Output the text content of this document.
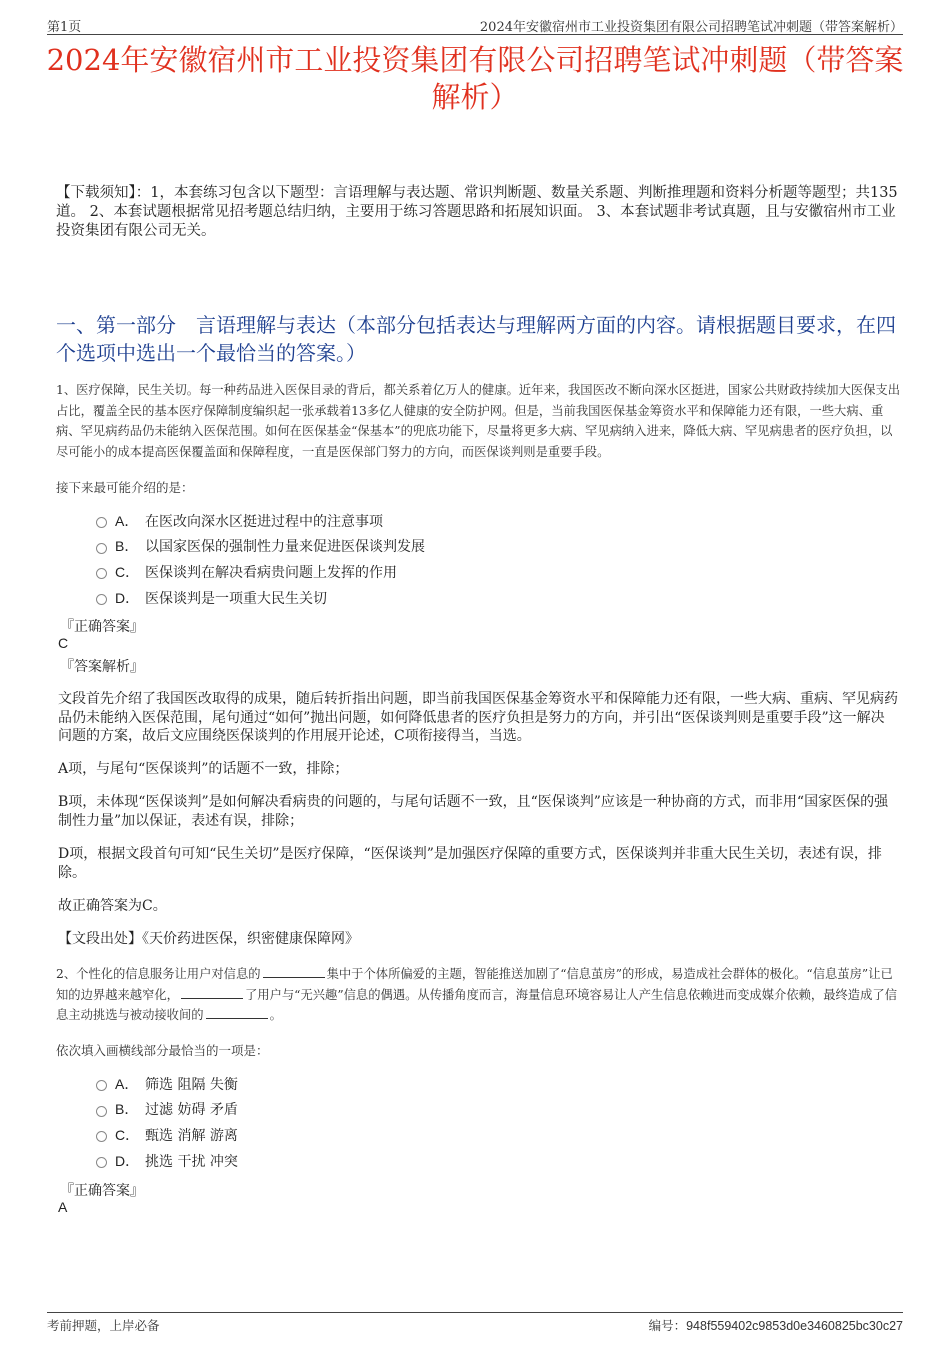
第1页	2024年安徽宿州市工业投资集团有限公司招聘笔试冲刺题（带答案解析）
2024年安徽宿州市工业投资集团有限公司招聘笔试冲刺题（带答案解析）
【下载须知】：1，本套练习包含以下题型：言语理解与表达题、常识判断题、数量关系题、判断推理题和资料分析题等题型；共135道。 2、本套试题根据常见招考题总结归纳，主要用于练习答题思路和拓展知识面。 3、本套试题非考试真题，且与安徽宿州市工业投资集团有限公司无关。
一、第一部分　言语理解与表达（本部分包括表达与理解两方面的内容。请根据题目要求，在四个选项中选出一个最恰当的答案。）
1、医疗保障，民生关切。每一种药品进入医保目录的背后，都关系着亿万人的健康。近年来，我国医改不断向深水区挺进，国家公共财政持续加大医保支出占比，覆盖全民的基本医疗保障制度编织起一张承载着13多亿人健康的安全防护网。但是，当前我国医保基金筹资水平和保障能力还有限，一些大病、重病、罕见病药品仍未能纳入医保范围。如何在医保基金“保基本”的兜底功能下，尽量将更多大病、罕见病纳入进来，降低大病、罕见病患者的医疗负担，以尽可能小的成本提高医保覆盖面和保障程度，一直是医保部门努力的方向，而医保谈判则是重要手段。
接下来最可能介绍的是：
A． 在医改向深水区挺进过程中的注意事项
B． 以国家医保的强制性力量来促进医保谈判发展
C． 医保谈判在解决看病贵问题上发挥的作用
D． 医保谈判是一项重大民生关切
『正确答案』
C
『答案解析』
文段首先介绍了我国医改取得的成果，随后转折指出问题，即当前我国医保基金筹资水平和保障能力还有限，一些大病、重病、罕见病药品仍未能纳入医保范围，尾句通过“如何”抛出问题，如何降低患者的医疗负担是努力的方向，并引出“医保谈判则是重要手段”这一解决问题的方案，故后文应围绕医保谈判的作用展开论述，C项衔接得当，当选。
A项，与尾句“医保谈判”的话题不一致，排除；
B项，未体现“医保谈判”是如何解决看病贵的问题的，与尾句话题不一致，且“医保谈判”应该是一种协商的方式，而非用“国家医保的强制性力量”加以保证，表述有误，排除；
D项，根据文段首句可知“民生关切”是医疗保障，“医保谈判”是加强医疗保障的重要方式，医保谈判并非重大民生关切，表述有误，排除。
故正确答案为C。
【文段出处】《天价药进医保，织密健康保障网》
2、个性化的信息服务让用户对信息的	集中于个体所偏爱的主题，智能推送加剧了“信息茧房”的形成，易造成社会群体的极化。“信息茧房”让已知的边界越来越窄化，	了用户与“无兴趣”信息的偶遇。从传播角度而言，海量信息环境容易让人产生信息依赖进而变成媒介依赖，最终造成了信息主动挑选与被动接收间的	。
依次填入画横线部分最恰当的一项是：
A． 筛选 阻隔 失衡
B． 过滤 妨碍 矛盾
C． 甄选 消解 游离
D． 挑选 干扰 冲突
『正确答案』
A
考前押题，上岸必备	编号：948f559402c9853d0e3460825bc30c27
